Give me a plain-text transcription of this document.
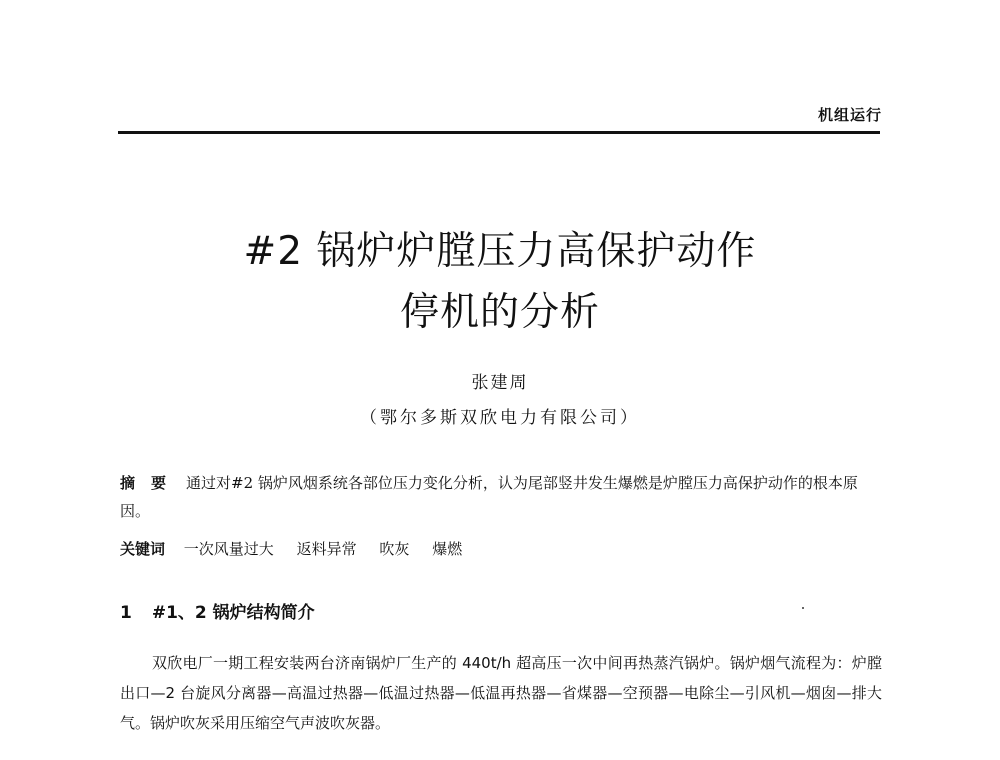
机组运行
#2 锅炉炉膛压力高保护动作
停机的分析
张建周
（鄂尔多斯双欣电力有限公司）
摘要 通过对#2 锅炉风烟系统各部位压力变化分析，认为尾部竖井发生爆燃是炉膛压力高保护动作的根本原因。
关键词 一次风量过大 返料异常 吹灰 爆燃
1 #1、2 锅炉结构简介
双欣电厂一期工程安装两台济南锅炉厂生产的 440t/h 超高压一次中间再热蒸汽锅炉。锅炉烟气流程为：炉膛出口—2 台旋风分离器—高温过热器—低温过热器—低温再热器—省煤器—空预器—电除尘—引风机—烟囱—排大气。锅炉吹灰采用压缩空气声波吹灰器。
